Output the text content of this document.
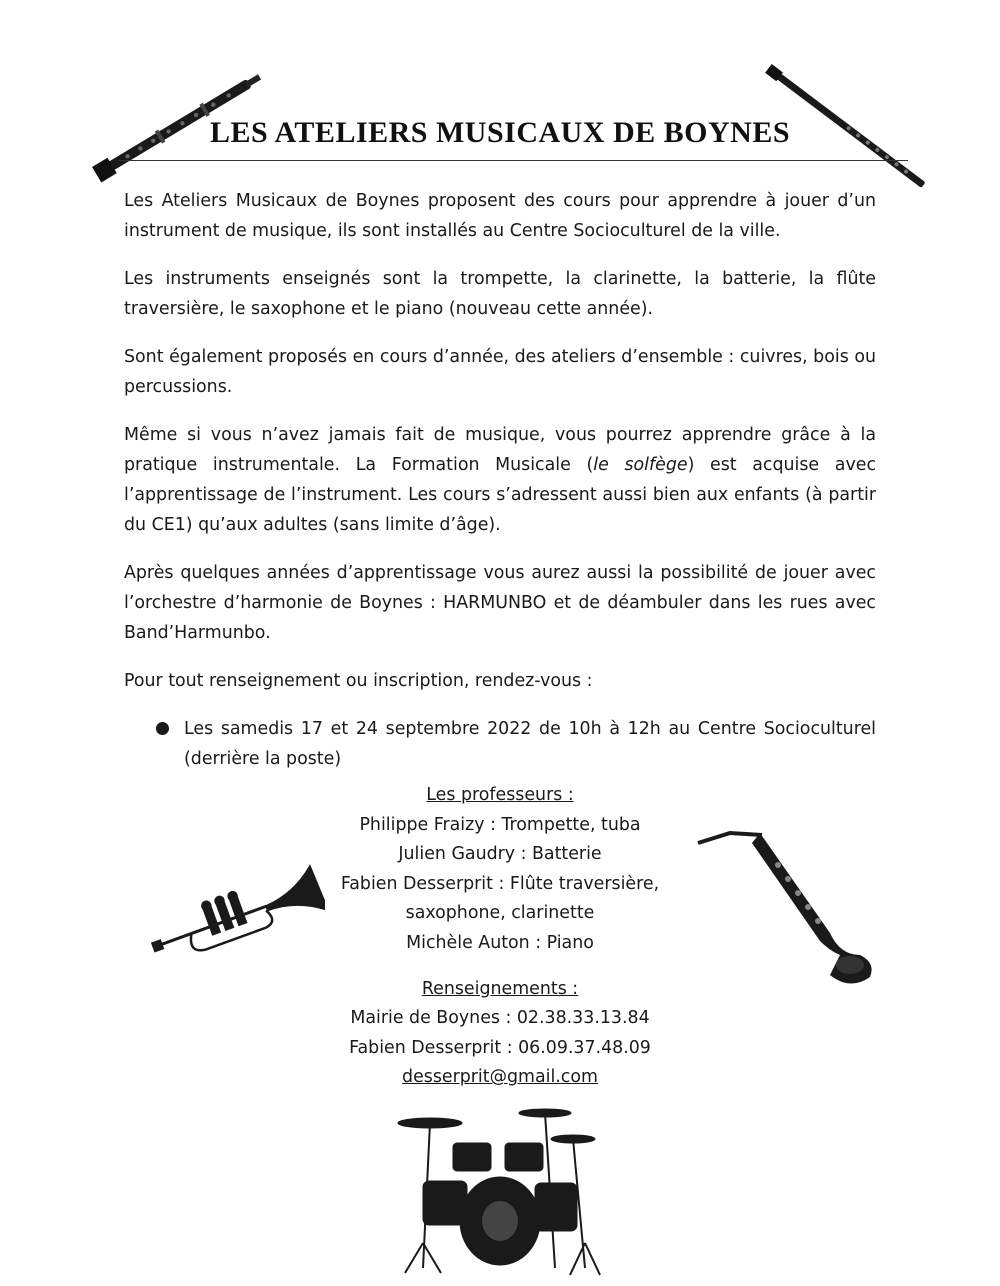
LES ATELIERS MUSICAUX DE BOYNES

Les Ateliers Musicaux de Boynes proposent des cours pour apprendre à jouer d’un instrument de musique, ils sont installés au Centre Socioculturel de la ville.

Les instruments enseignés sont la trompette, la clarinette, la batterie, la flûte traversière, le saxophone et le piano (nouveau cette année).

Sont également proposés en cours d’année, des ateliers d’ensemble : cuivres, bois ou percussions.

Même si vous n’avez jamais fait de musique, vous pourrez apprendre grâce à la pratique instrumentale. La Formation Musicale (le solfège) est acquise avec l’apprentissage de l’instrument. Les cours s’adressent aussi bien aux enfants (à partir du CE1) qu’aux adultes (sans limite d’âge).

Après quelques années d’apprentissage vous aurez aussi la possibilité de jouer avec l’orchestre d’harmonie de Boynes : HARMUNBO et de déambuler dans les rues avec Band’Harmunbo.

Pour tout renseignement ou inscription, rendez-vous :

Les samedis 17 et 24 septembre 2022 de 10h à 12h au Centre Socioculturel (derrière la poste)
Les professeurs :
Philippe Fraizy : Trompette, tuba
Julien Gaudry : Batterie
Fabien Desserprit : Flûte traversière,
saxophone, clarinette
Michèle Auton : Piano
Renseignements :
Mairie de Boynes : 02.38.33.13.84
Fabien Desserprit : 06.09.37.48.09
desserprit@gmail.com
